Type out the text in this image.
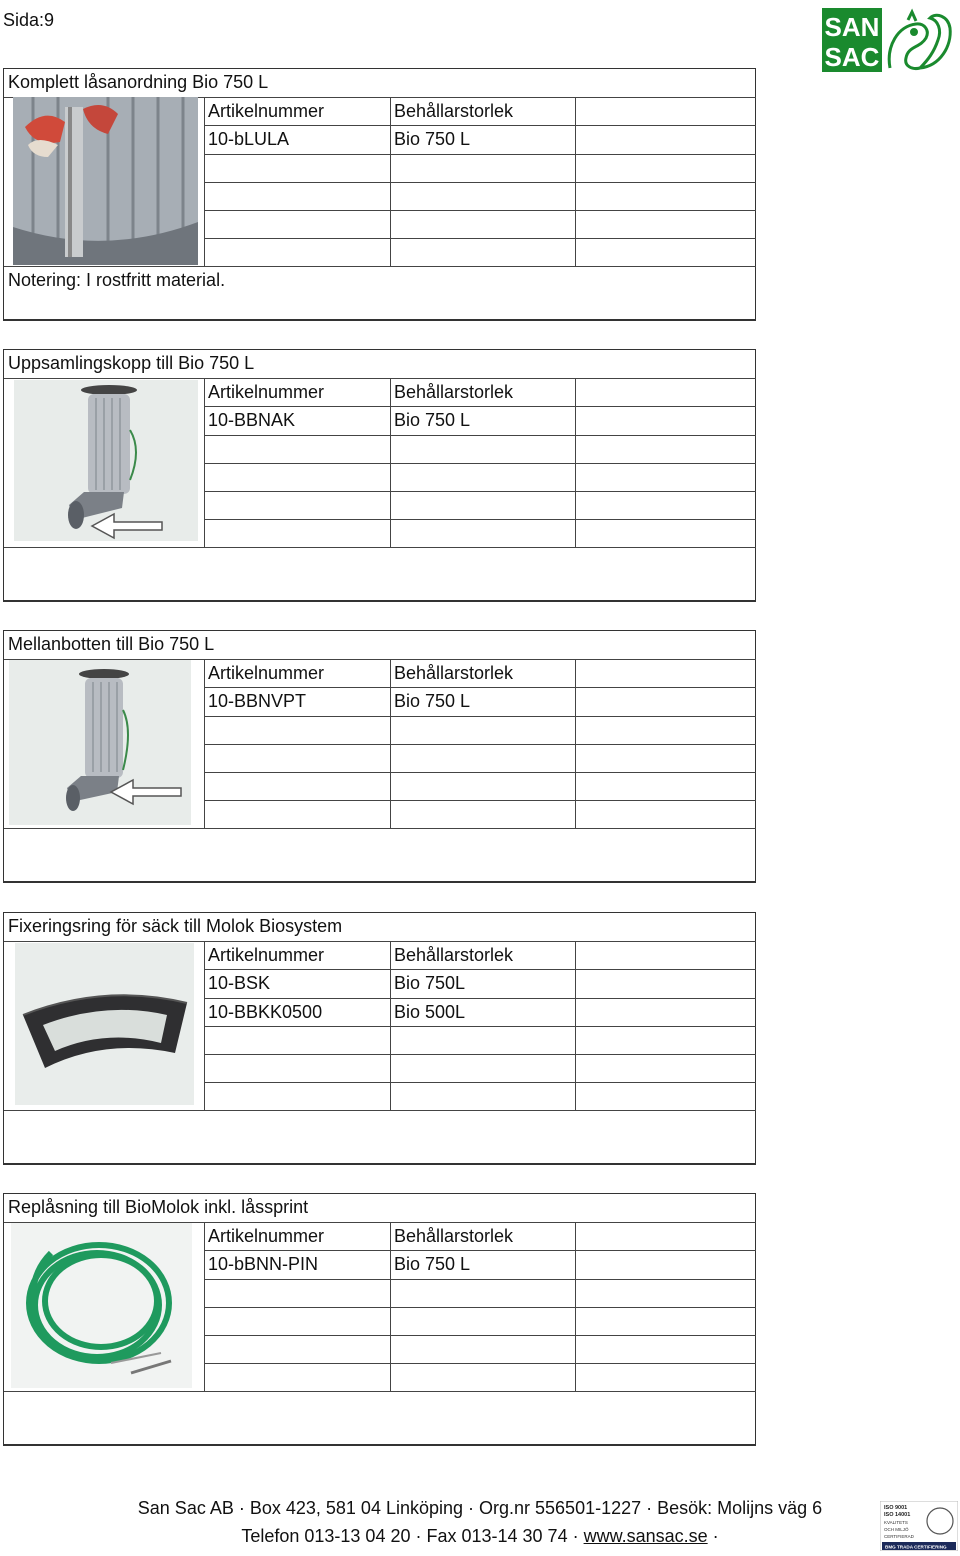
Sida:9	SAN
SAC
Komplett låsanordning Bio 750 L
Artikelnummer	Behållarstorlek
10-bLULA	Bio 750 L
Notering: I rostfritt material.
Uppsamlingskopp till Bio 750 L
Artikelnummer	Behållarstorlek
10-BBNAK	Bio 750 L
Mellanbotten till Bio 750 L
Artikelnummer	Behållarstorlek
10-BBNVPT	Bio 750 L
Fixeringsring för säck till Molok Biosystem
Artikelnummer	Behållarstorlek
10-BSK	Bio 750L
10-BBKK0500	Bio 500L
Replåsning till BioMolok inkl. låssprint
Artikelnummer	Behållarstorlek
10-bBNN-PIN	Bio 750 L
San Sac AB · Box 423, 581 04 Linköping · Org.nr 556501-1227 · Besök: Molijns väg 6
Telefon 013-13 04 20 · Fax 013-14 30 74 · www.sansac.se ·
ISO 9001
ISO 14001
KVALITETS
OCH MILJÖ
CERTIFIERAD
BMG TRADA CERTIFIERING
